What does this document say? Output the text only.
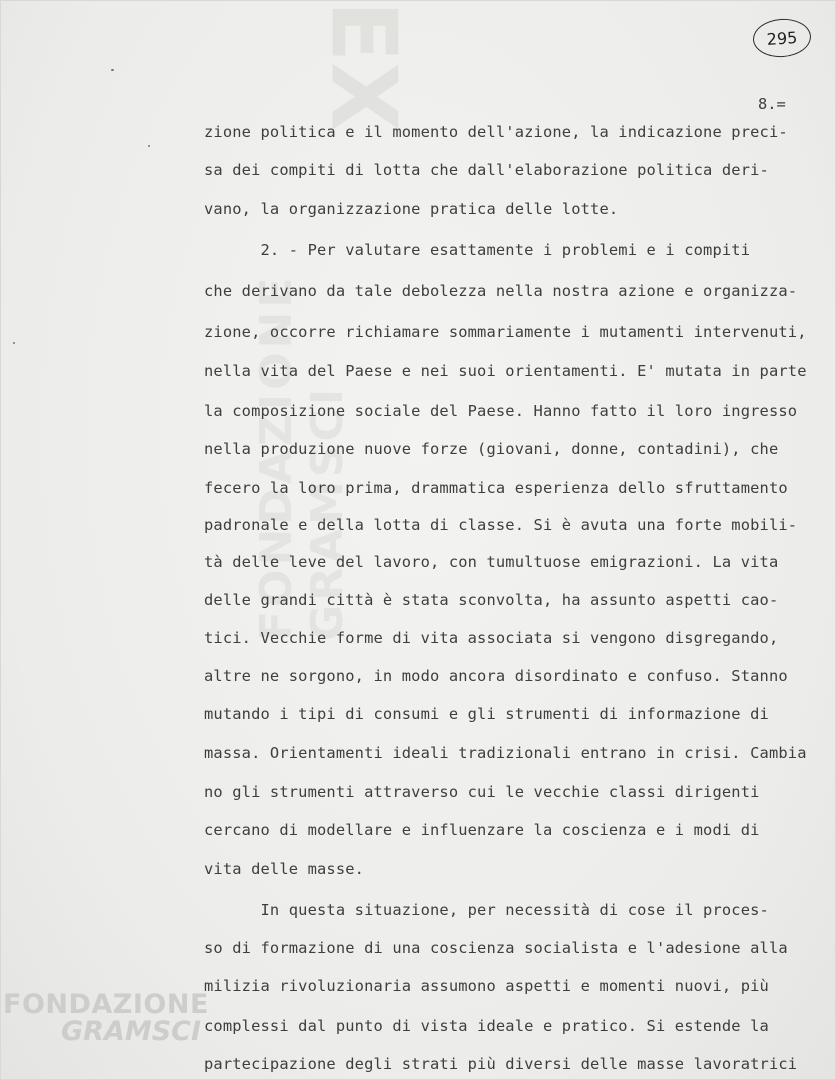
EX
FONDAZIONE GRAMSCI
295
8.=
zione politica e il momento dell'azione, la indicazione preci-
sa dei compiti di lotta che dall'elaborazione politica deri-
vano, la organizzazione pratica delle lotte.
2. - Per valutare esattamente i problemi e i compiti
che derivano da tale debolezza nella nostra azione e organizza-
zione, occorre richiamare sommariamente i mutamenti intervenuti,
nella vita del Paese e nei suoi orientamenti. E' mutata in parte
la composizione sociale del Paese. Hanno fatto il loro ingresso
nella produzione nuove forze (giovani, donne, contadini), che
fecero la loro prima, drammatica esperienza dello sfruttamento
padronale e della lotta di classe. Si è avuta una forte mobili-
tà delle leve del lavoro, con tumultuose emigrazioni. La vita
delle grandi città è stata sconvolta, ha assunto aspetti cao-
tici. Vecchie forme di vita associata si vengono disgregando,
altre ne sorgono, in modo ancora disordinato e confuso. Stanno
mutando i tipi di consumi e gli strumenti di informazione di
massa. Orientamenti ideali tradizionali entrano in crisi. Cambia
no gli strumenti attraverso cui le vecchie classi dirigenti
cercano di modellare e influenzare la coscienza e i modi di
vita delle masse.
In questa situazione, per necessità di cose il proces-
so di formazione di una coscienza socialista e l'adesione alla
milizia rivoluzionaria assumono aspetti e momenti nuovi, più
complessi dal punto di vista ideale e pratico. Si estende la
partecipazione degli strati più diversi delle masse lavoratrici
FONDAZIONE
GRAMSCI
